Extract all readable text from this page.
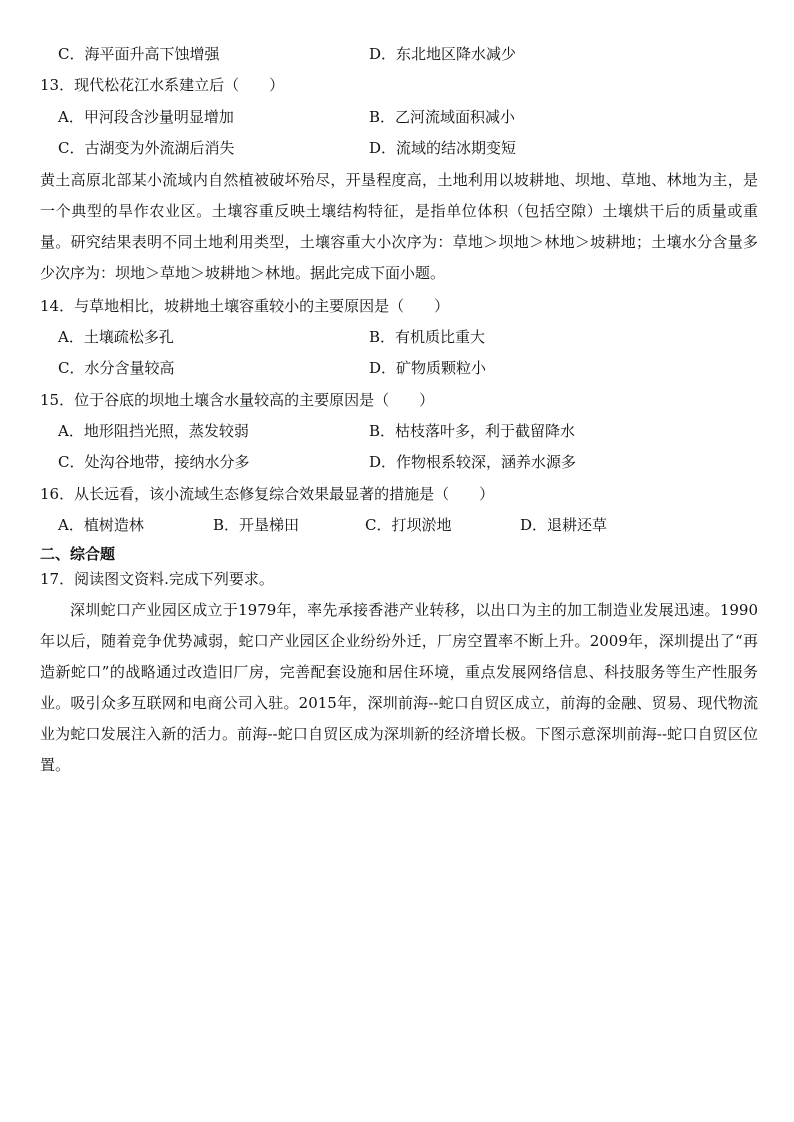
C．海平面升高下蚀增强	D．东北地区降水减少
13．现代松花江水系建立后（　　）
A．甲河段含沙量明显增加	B．乙河流域面积减小
C．古湖变为外流湖后消失	D．流域的结冰期变短
黄土高原北部某小流域内自然植被破坏殆尽，开垦程度高，土地利用以坡耕地、坝地、草地、林地为主，是一个典型的旱作农业区。土壤容重反映土壤结构特征，是指单位体积（包括空隙）土壤烘干后的质量或重量。研究结果表明不同土地利用类型，土壤容重大小次序为：草地＞坝地＞林地＞坡耕地；土壤水分含量多少次序为：坝地＞草地＞坡耕地＞林地。据此完成下面小题。
14．与草地相比，坡耕地土壤容重较小的主要原因是（　　）
A．土壤疏松多孔	B．有机质比重大
C．水分含量较高	D．矿物质颗粒小
15．位于谷底的坝地土壤含水量较高的主要原因是（　　）
A．地形阻挡光照，蒸发较弱	B．枯枝落叶多，利于截留降水
C．处沟谷地带，接纳水分多	D．作物根系较深，涵养水源多
16．从长远看，该小流域生态修复综合效果最显著的措施是（　　）
A．植树造林	B．开垦梯田	C．打坝淤地	D．退耕还草
二、综合题
17．阅读图文资料.完成下列要求。
深圳蛇口产业园区成立于1979年，率先承接香港产业转移，以出口为主的加工制造业发展迅速。1990年以后，随着竞争优势减弱，蛇口产业园区企业纷纷外迁，厂房空置率不断上升。2009年，深圳提出了“再造新蛇口”的战略通过改造旧厂房，完善配套设施和居住环境，重点发展网络信息、科技服务等生产性服务业。吸引众多互联网和电商公司入驻。2015年，深圳前海--蛇口自贸区成立，前海的金融、贸易、现代物流业为蛇口发展注入新的活力。前海--蛇口自贸区成为深圳新的经济增长极。下图示意深圳前海--蛇口自贸区位置。
